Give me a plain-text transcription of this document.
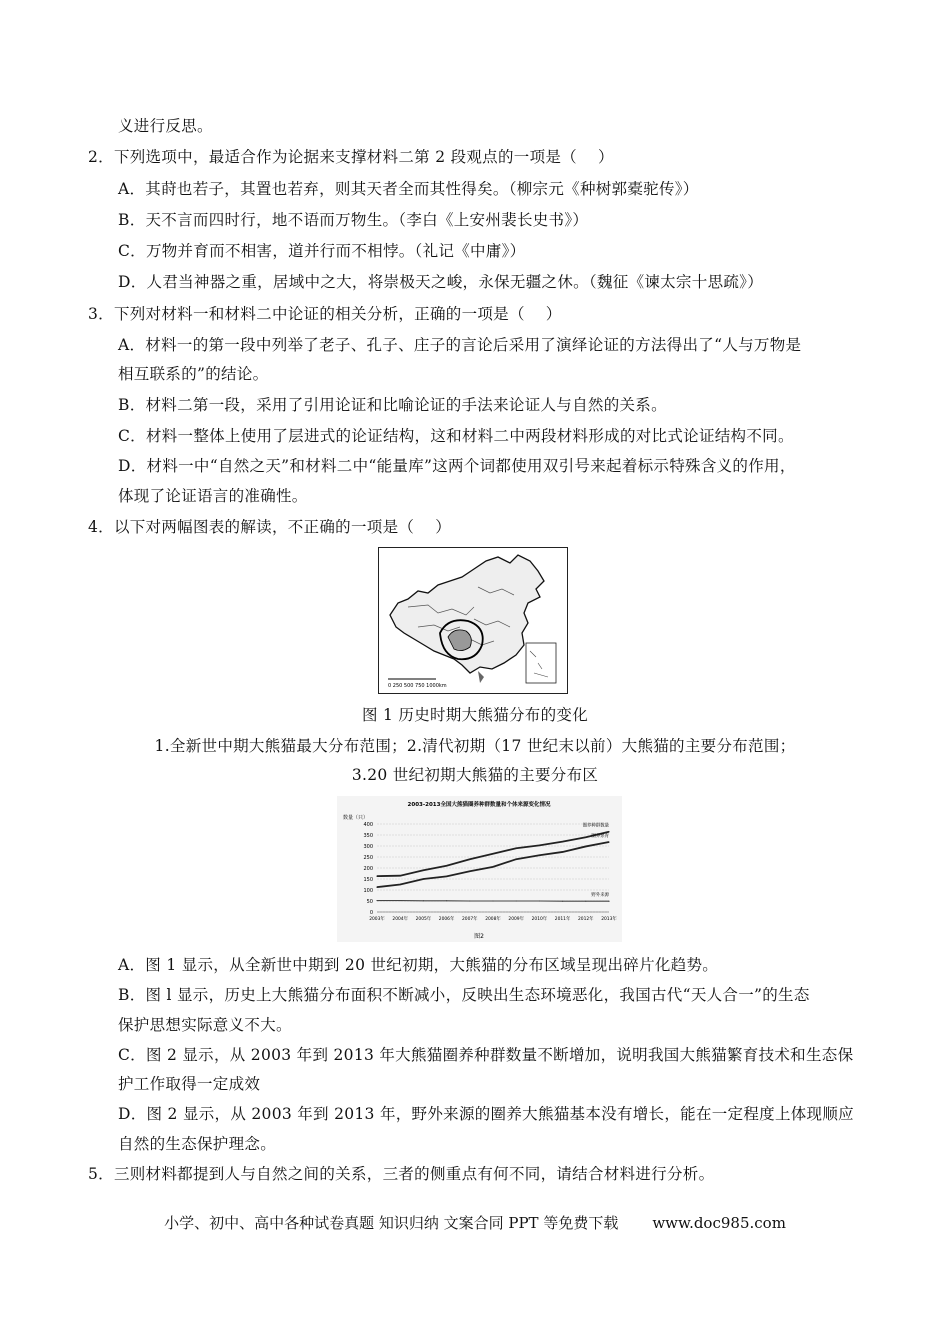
义进行反思。
2．下列选项中，最适合作为论据来支撑材料二第 2 段观点的一项是（　 ）
A．其莳也若子，其置也若弃，则其天者全而其性得矣。（柳宗元《种树郭橐驼传》）
B．天不言而四时行，地不语而万物生。（李白《上安州裴长史书》）
C．万物并育而不相害，道并行而不相悖。（礼记《中庸》）
D．人君当神器之重，居域中之大，将崇极天之峻，永保无疆之休。（魏征《谏太宗十思疏》）
3．下列对材料一和材料二中论证的相关分析，正确的一项是（　 ）
A．材料一的第一段中列举了老子、孔子、庄子的言论后采用了演绎论证的方法得出了“人与万物是
相互联系的”的结论。
B．材料二第一段，采用了引用论证和比喻论证的手法来论证人与自然的关系。
C．材料一整体上使用了层进式的论证结构，这和材料二中两段材料形成的对比式论证结构不同。
D．材料一中“自然之天”和材料二中“能量库”这两个词都使用双引号来起着标示特殊含义的作用，
体现了论证语言的准确性。
4．以下对两幅图表的解读，不正确的一项是（　 ）
0 250 500 750 1000km
图 1 历史时期大熊猫分布的变化
1.全新世中期大熊猫最大分布范围；2.清代初期（17 世纪末以前）大熊猫的主要分布范围；
3.20 世纪初期大熊猫的主要分布区
2003-2013全国大熊猫圈养种群数量和个体来源变化情况
数量（只）
0
50
100
150
200
250
300
350
400
2003年 2004年 2005年 2006年 2007年 2008年 2009年 2010年 2011年 2012年 2013年
圈养种群数量
圈养繁育
野外来源
图2
A．图 1 显示，从全新世中期到 20 世纪初期，大熊猫的分布区域呈现出碎片化趋势。
B．图 l 显示，历史上大熊猫分布面积不断减小，反映出生态环境恶化，我国古代“天人合一”的生态
保护思想实际意义不大。
C．图 2 显示，从 2003 年到 2013 年大熊猫圈养种群数量不断增加，说明我国大熊猫繁育技术和生态保
护工作取得一定成效
D．图 2 显示，从 2003 年到 2013 年，野外来源的圈养大熊猫基本没有增长，能在一定程度上体现顺应
自然的生态保护理念。
5．三则材料都提到人与自然之间的关系，三者的侧重点有何不同，请结合材料进行分析。
小学、初中、高中各种试卷真题 知识归纳 文案合同 PPT 等免费下载 www.doc985.com
